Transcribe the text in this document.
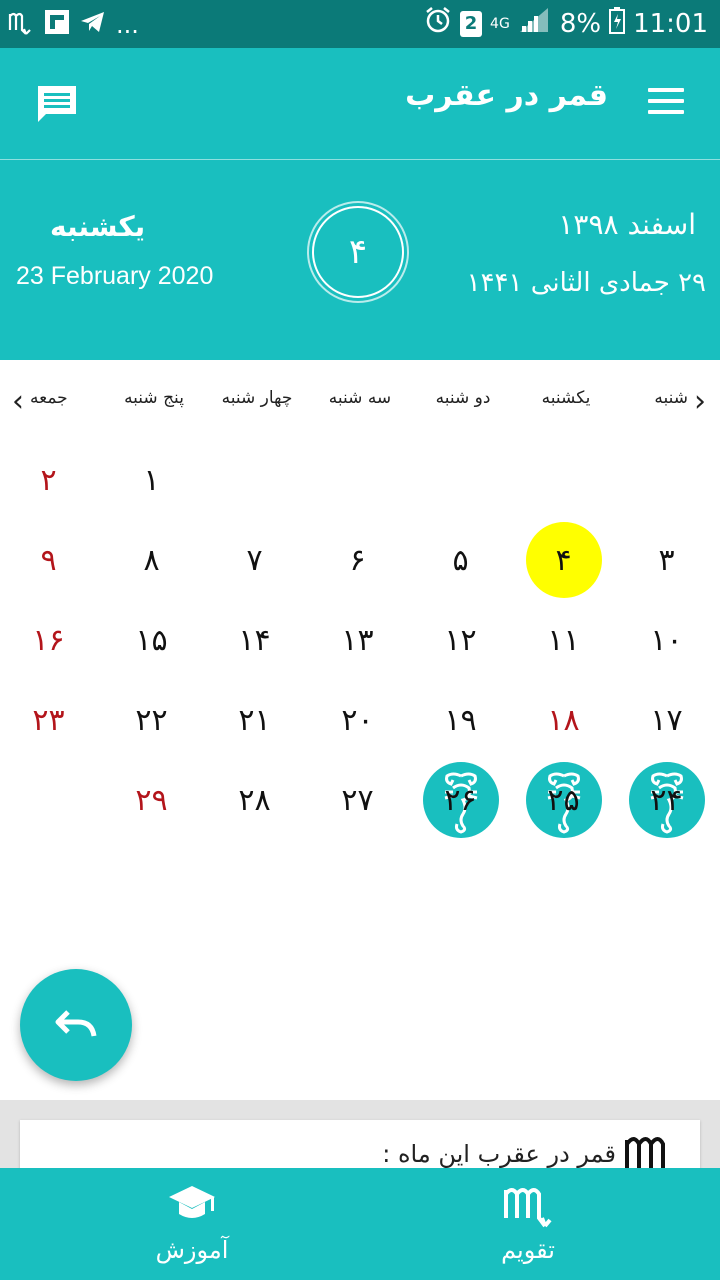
...	2 4G 8% 11:01
قمر در عقرب
یکشنبه
23 February 2020
۴
اسفند ۱۳۹۸
۲۹ جمادی الثانی ۱۴۴۱
‹	›
شنبه
یکشنبه
دو شنبه
سه شنبه
چهار شنبه
پنج شنبه
جمعه
۱
۲
۳
۴
۵
۶
۷
۸
۹
۱۰
۱۱
۱۲
۱۳
۱۴
۱۵
۱۶
۱۷
۱۸
۱۹
۲۰
۲۱
۲۲
۲۳
۲۴
۲۵
۲۶
۲۷
۲۸
۲۹
قمر در عقرب این ماه :
تقویم
آموزش
